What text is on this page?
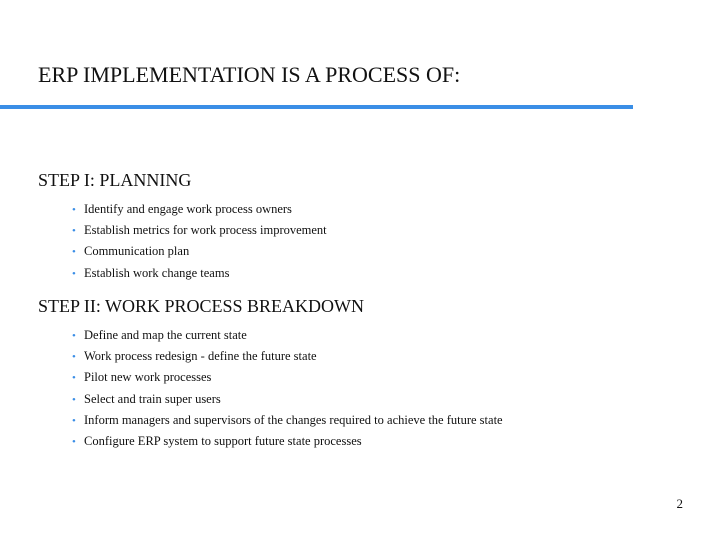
ERP IMPLEMENTATION IS A PROCESS OF:
STEP I: PLANNING
• Identify and engage work process owners
• Establish metrics for work process improvement
• Communication plan
• Establish work change teams
STEP II: WORK PROCESS BREAKDOWN
• Define and map the current state
• Work process redesign - define the future state
• Pilot new work processes
• Select and train super users
• Inform managers and supervisors of the changes required to achieve the future state
• Configure ERP system to support future state processes
2
